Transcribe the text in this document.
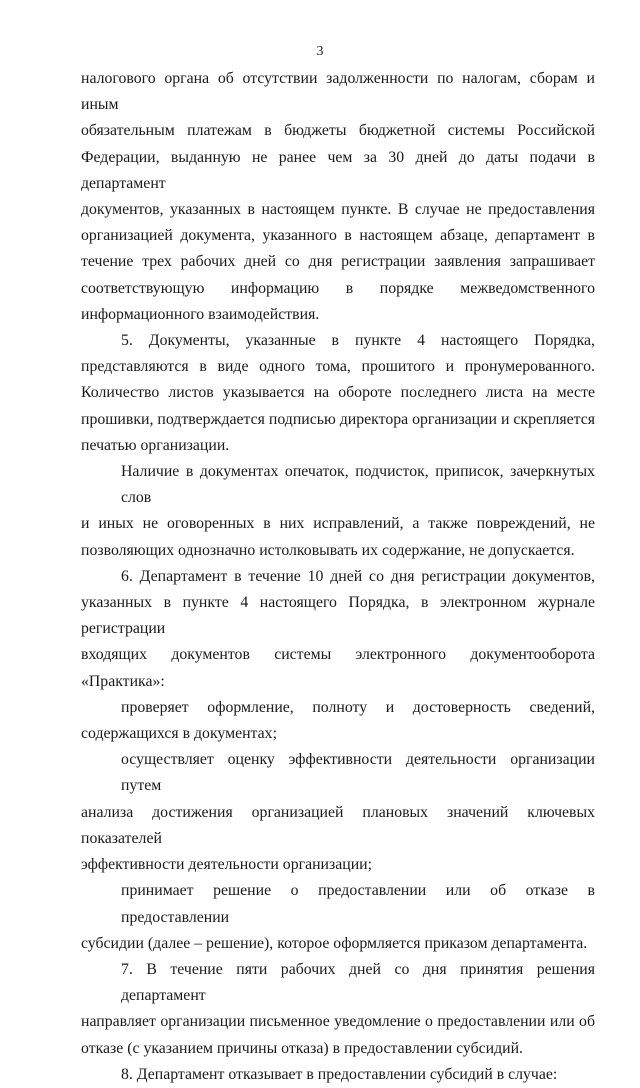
3

налогового органа об отсутствии задолженности по налогам, сборам и иным
обязательным платежам в бюджеты бюджетной системы Российской
Федерации, выданную не ранее чем за 30 дней до даты подачи в департамент
документов, указанных в настоящем пункте. В случае не предоставления
организацией документа, указанного в настоящем абзаце, департамент в
течение трех рабочих дней со дня регистрации заявления запрашивает
соответствующую информацию в порядке межведомственного
информационного взаимодействия.

5. Документы, указанные в пункте 4 настоящего Порядка,
представляются в виде одного тома, прошитого и пронумерованного.
Количество листов указывается на обороте последнего листа на месте
прошивки, подтверждается подписью директора организации и скрепляется
печатью организации.

Наличие в документах опечаток, подчисток, приписок, зачеркнутых слов
и иных не оговоренных в них исправлений, а также повреждений, не
позволяющих однозначно истолковывать их содержание, не допускается.

6. Департамент в течение 10 дней со дня регистрации документов,
указанных в пункте 4 настоящего Порядка, в электронном журнале регистрации
входящих документов системы электронного документооборота «Практика»:

проверяет оформление, полноту и достоверность сведений,
содержащихся в документах;

осуществляет оценку эффективности деятельности организации путем
анализа достижения организацией плановых значений ключевых показателей
эффективности деятельности организации;

принимает решение о предоставлении или об отказе в предоставлении
субсидии (далее – решение), которое оформляется приказом департамента.

7. В течение пяти рабочих дней со дня принятия решения департамент
направляет организации письменное уведомление о предоставлении или об
отказе (с указанием причины отказа) в предоставлении субсидий.

8. Департамент отказывает в предоставлении субсидий в случае:
